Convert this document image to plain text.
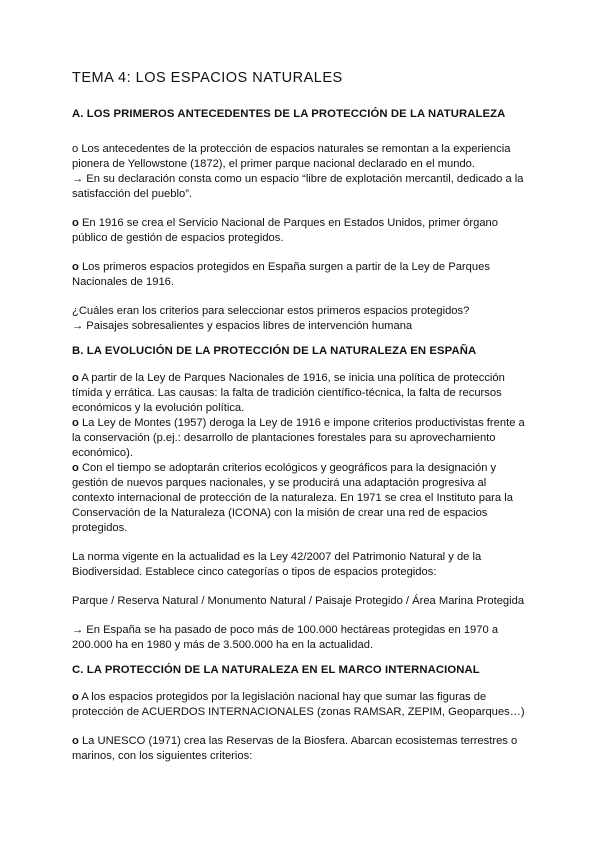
TEMA 4: LOS ESPACIOS NATURALES
A. LOS PRIMEROS ANTECEDENTES DE LA PROTECCIÓN DE LA NATURALEZA

o Los antecedentes de la protección de espacios naturales se remontan a la experiencia pionera de Yellowstone (1872), el primer parque nacional declarado en el mundo.

→ En su declaración consta como un espacio “libre de explotación mercantil, dedicado a la satisfacción del pueblo”.

o En 1916 se crea el Servicio Nacional de Parques en Estados Unidos, primer órgano público de gestión de espacios protegidos.

o Los primeros espacios protegidos en España surgen a partir de la Ley de Parques Nacionales de 1916.

¿Cuáles eran los criterios para seleccionar estos primeros espacios protegidos?

→ Paisajes sobresalientes y espacios libres de intervención humana

B. LA EVOLUCIÓN DE LA PROTECCIÓN DE LA NATURALEZA EN ESPAÑA

o A partir de la Ley de Parques Nacionales de 1916, se inicia una política de protección tímida y errática. Las causas: la falta de tradición científico-técnica, la falta de recursos económicos y la evolución política.

o La Ley de Montes (1957) deroga la Ley de 1916 e impone criterios productivistas frente a la conservación (p.ej.: desarrollo de plantaciones forestales para su aprovechamiento económico).

o Con el tiempo se adoptarán criterios ecológicos y geográficos para la designación y gestión de nuevos parques nacionales, y se producirá una adaptación progresiva al contexto internacional de protección de la naturaleza. En 1971 se crea el Instituto para la Conservación de la Naturaleza (ICONA) con la misión de crear una red de espacios protegidos.

La norma vigente en la actualidad es la Ley 42/2007 del Patrimonio Natural y de la Biodiversidad. Establece cinco categorías o tipos de espacios protegidos:

Parque / Reserva Natural / Monumento Natural / Paisaje Protegido / Área Marina Protegida

→ En España se ha pasado de poco más de 100.000 hectáreas protegidas en 1970 a 200.000 ha en 1980 y más de 3.500.000 ha en la actualidad.

C. LA PROTECCIÓN DE LA NATURALEZA EN EL MARCO INTERNACIONAL

o A los espacios protegidos por la legislación nacional hay que sumar las figuras de protección de ACUERDOS INTERNACIONALES (zonas RAMSAR, ZEPIM, Geoparques…)

o La UNESCO (1971) crea las Reservas de la Biosfera. Abarcan ecosistemas terrestres o marinos, con los siguientes criterios:
